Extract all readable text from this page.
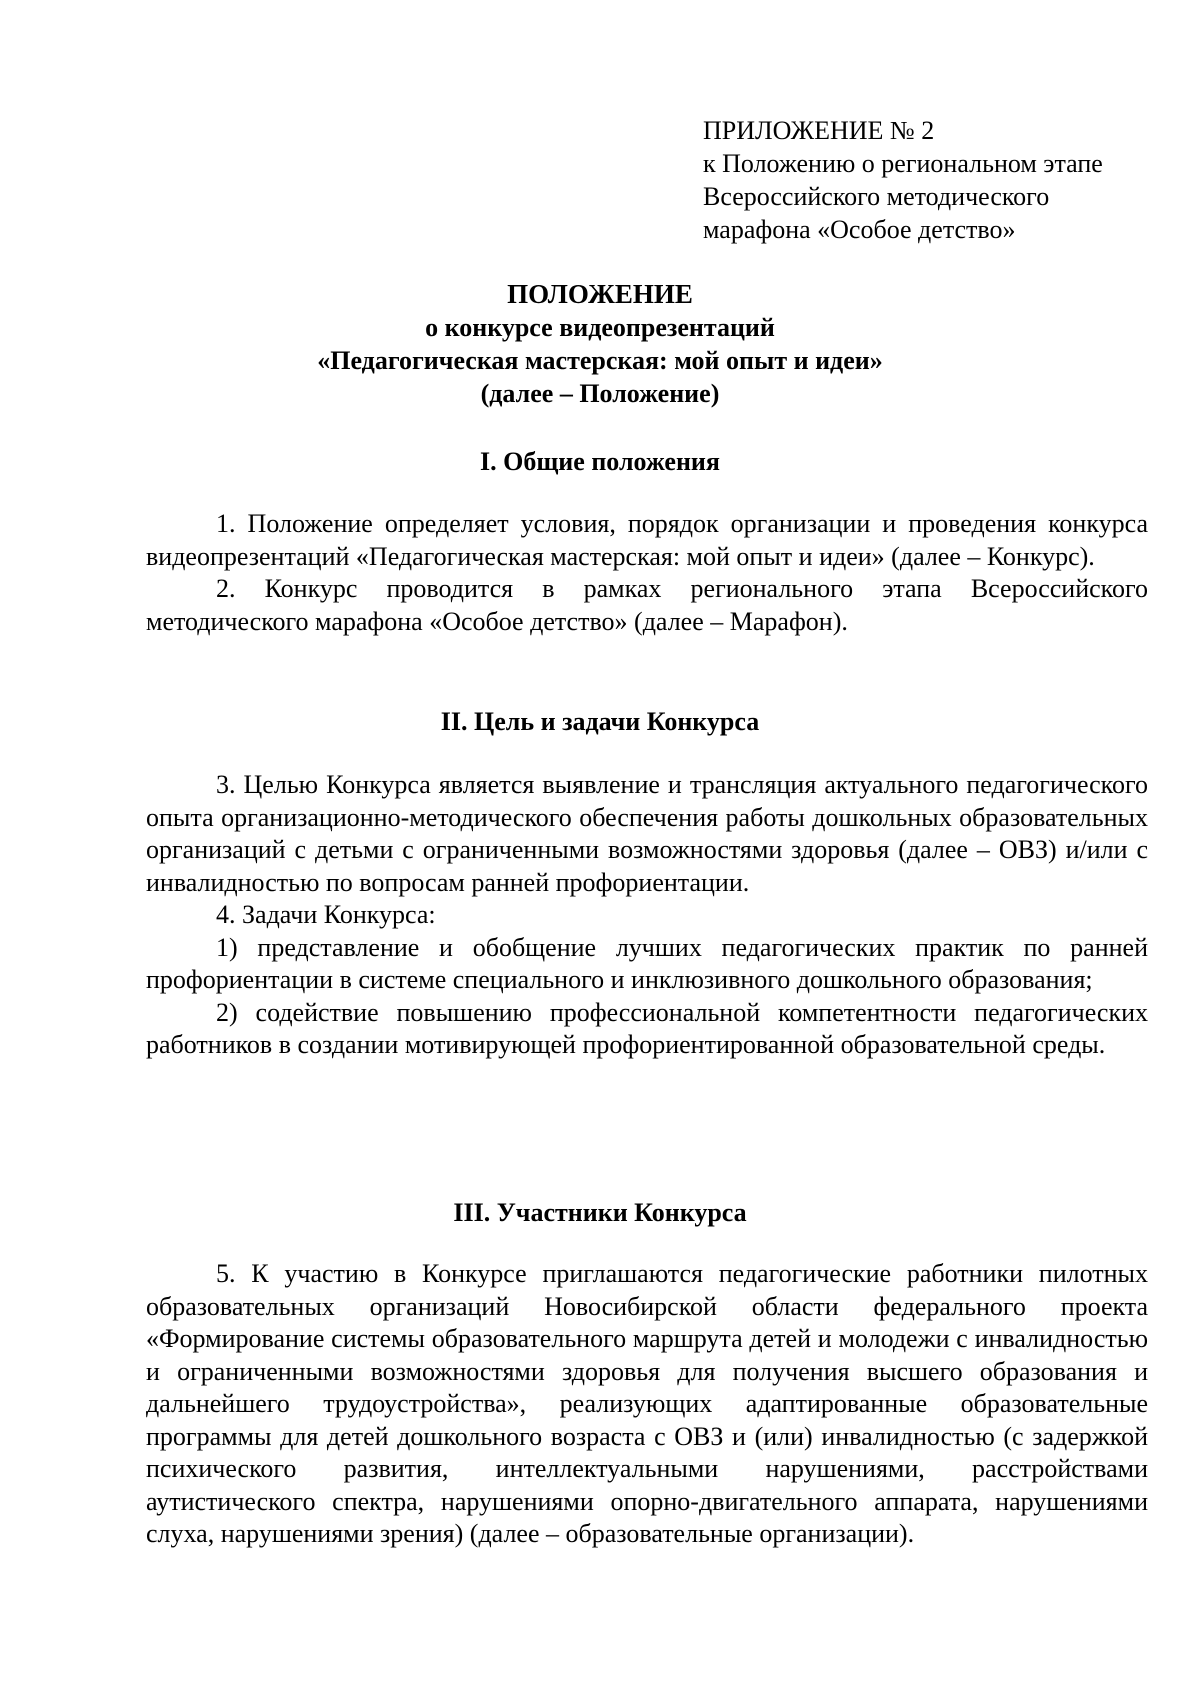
ПРИЛОЖЕНИЕ № 2
к Положению о региональном этапе
Всероссийского методического
марафона «Особое детство»
ПОЛОЖЕНИЕ
о конкурсе видеопрезентаций
«Педагогическая мастерская: мой опыт и идеи»
(далее – Положение)
I. Общие положения

1. Положение определяет условия, порядок организации и проведения конкурса видеопрезентаций «Педагогическая мастерская: мой опыт и идеи» (далее – Конкурс).

2. Конкурс проводится в рамках регионального этапа Всероссийского методического марафона «Особое детство» (далее – Марафон).

II. Цель и задачи Конкурса

3. Целью Конкурса является выявление и трансляция актуального педагогического опыта организационно-методического обеспечения работы дошкольных образовательных организаций с детьми с ограниченными возможностями здоровья (далее – ОВЗ) и/или с инвалидностью по вопросам ранней профориентации.

4. Задачи Конкурса:

1) представление и обобщение лучших педагогических практик по ранней профориентации в системе специального и инклюзивного дошкольного образования;

2) содействие повышению профессиональной компетентности педагогических работников в создании мотивирующей профориентированной образовательной среды.

III. Участники Конкурса

5. К участию в Конкурсе приглашаются педагогические работники пилотных образовательных организаций Новосибирской области федерального проекта «Формирование системы образовательного маршрута детей и молодежи с инвалидностью и ограниченными возможностями здоровья для получения высшего образования и дальнейшего трудоустройства», реализующих адаптированные образовательные программы для детей дошкольного возраста с ОВЗ и (или) инвалидностью (с задержкой психического развития, интеллектуальными нарушениями, расстройствами аутистического спектра, нарушениями опорно-двигательного аппарата, нарушениями слуха, нарушениями зрения) (далее – образовательные организации).
